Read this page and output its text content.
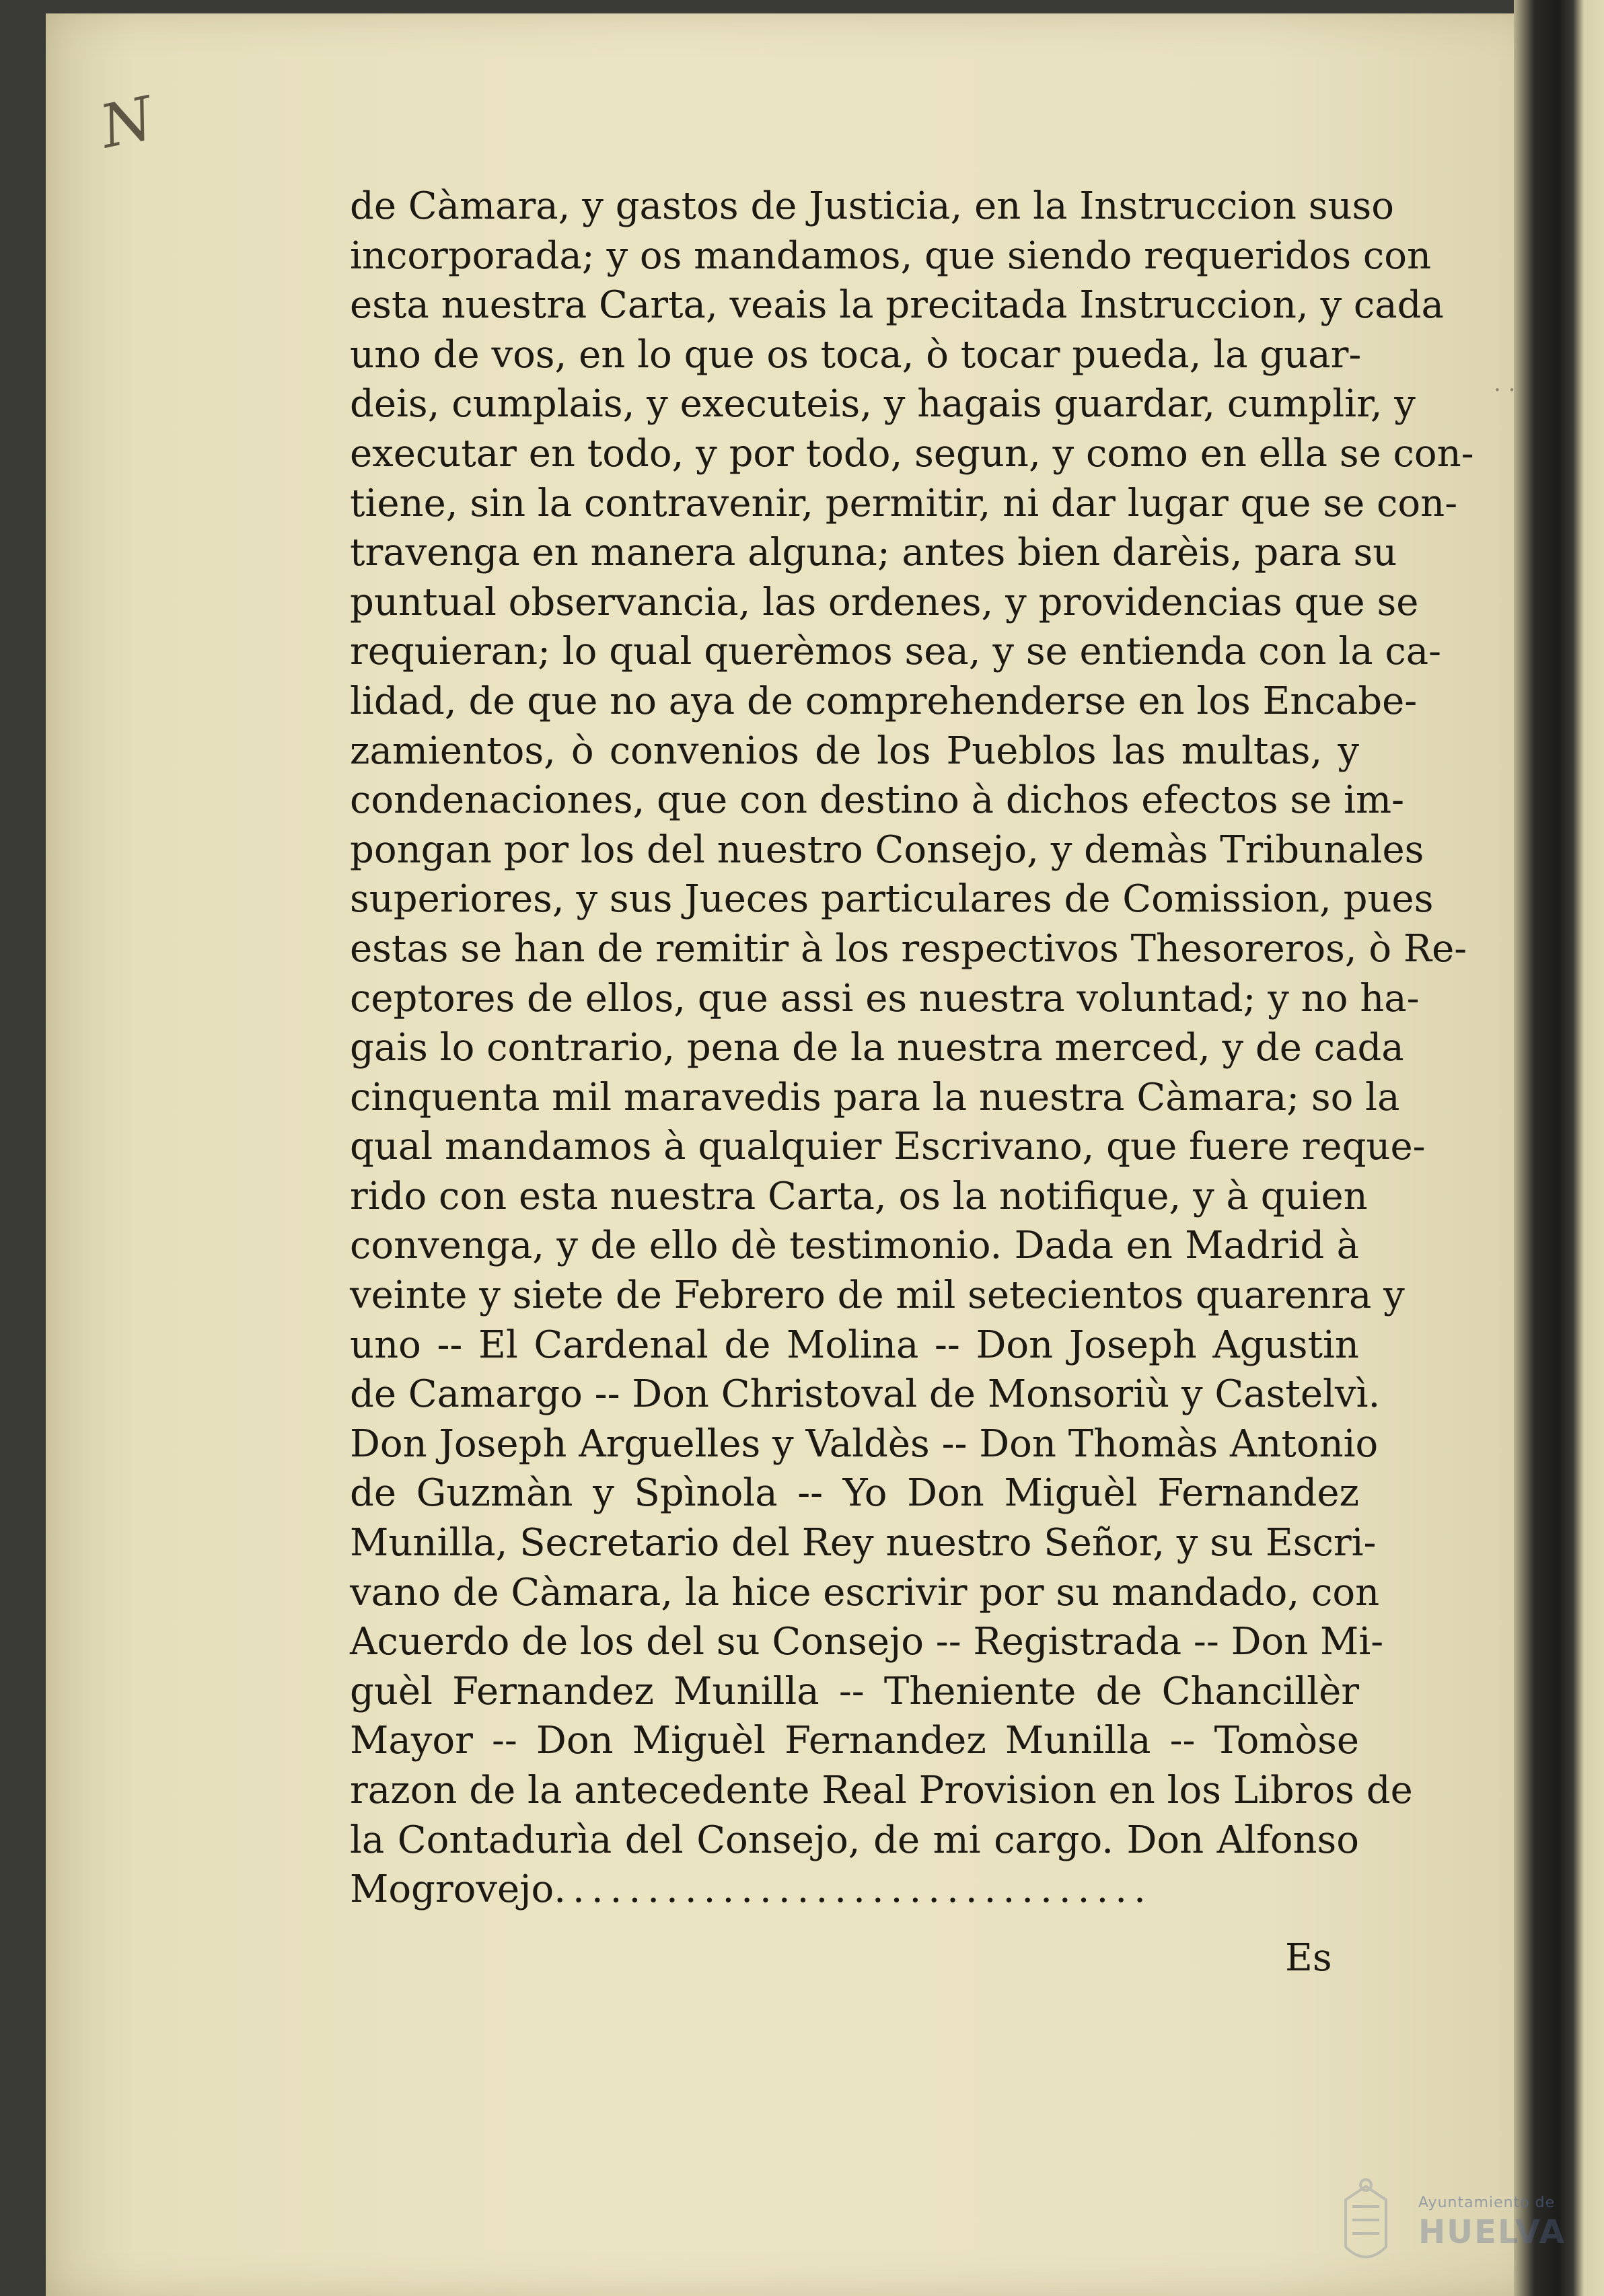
N
· ·
de Càmara, y gastos de Justicia, en la Instruccion suso
incorporada; y os mandamos, que siendo requeridos con
esta nuestra Carta, veais la precitada Instruccion, y cada
uno de vos, en lo que os toca, ò tocar pueda, la guar-
deis, cumplais, y executeis, y hagais guardar, cumplir, y
executar en todo, y por todo, segun, y como en ella se con-
tiene, sin la contravenir, permitir, ni dar lugar que se con-
travenga en manera alguna; antes bien darèis, para su
puntual observancia, las ordenes, y providencias que se
requieran; lo qual querèmos sea, y se entienda con la ca-
lidad, de que no aya de comprehenderse en los Encabe-
zamientos, ò convenios de los Pueblos las multas, y
condenaciones, que con destino à dichos efectos se im-
pongan por los del nuestro Consejo, y demàs Tribunales
superiores, y sus Jueces particulares de Comission, pues
estas se han de remitir à los respectivos Thesoreros, ò Re-
ceptores de ellos, que assi es nuestra voluntad; y no ha-
gais lo contrario, pena de la nuestra merced, y de cada
cinquenta mil maravedis para la nuestra Càmara; so la
qual mandamos à qualquier Escrivano, que fuere reque-
rido con esta nuestra Carta, os la notifique, y à quien
convenga, y de ello dè testimonio. Dada en Madrid à
veinte y siete de Febrero de mil setecientos quarenra y
uno -- El Cardenal de Molina -- Don Joseph Agustin
de Camargo -- Don Christoval de Monsoriù y Castelvì.
Don Joseph Arguelles y Valdès -- Don Thomàs Antonio
de Guzmàn y Spìnola -- Yo Don Miguèl Fernandez
Munilla, Secretario del Rey nuestro Señor, y su Escri-
vano de Càmara, la hice escrivir por su mandado, con
Acuerdo de los del su Consejo -- Registrada -- Don Mi-
guèl Fernandez Munilla -- Theniente de Chancillèr
Mayor -- Don Miguèl Fernandez Munilla -- Tomòse
razon de la antecedente Real Provision en los Libros de
la Contadurìa del Consejo, de mi cargo. Don Alfonso
Mogrovejo................................
Es
Ayuntamiento de
HUELVA
